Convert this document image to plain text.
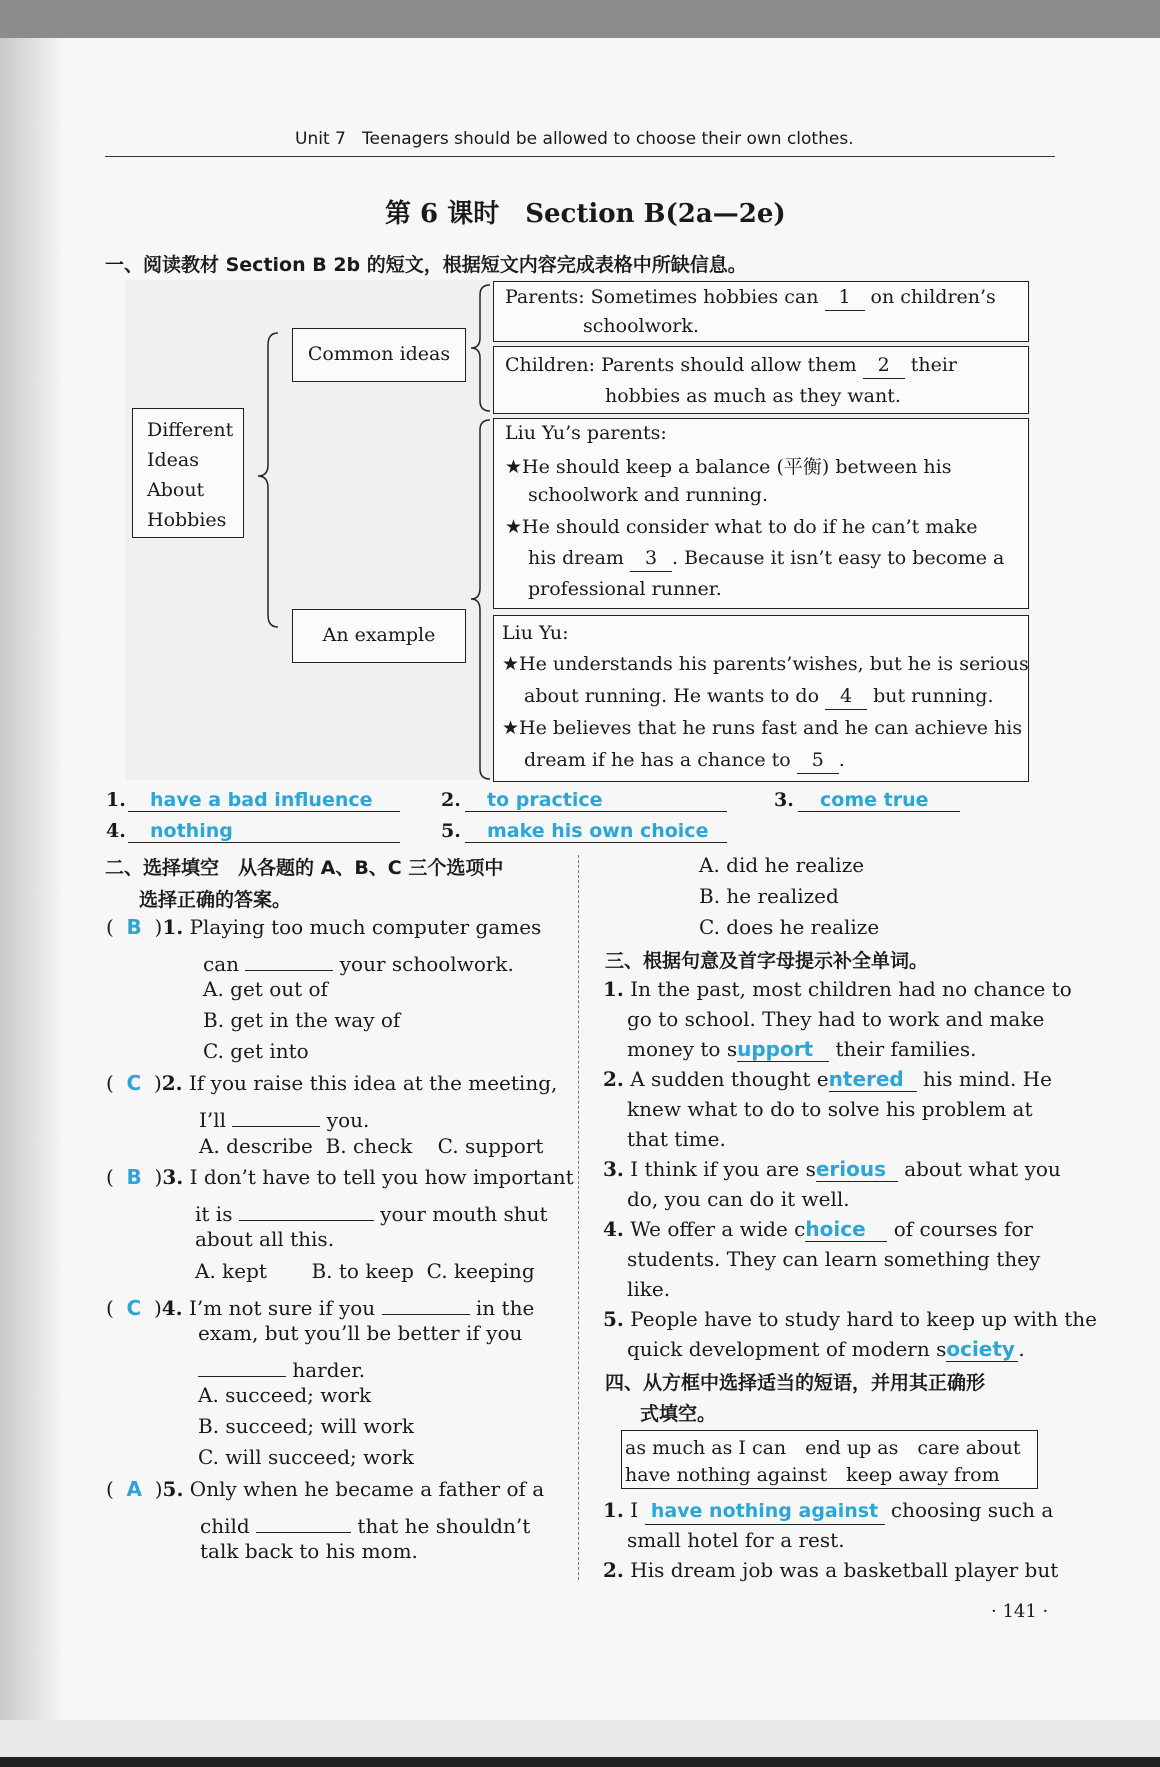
Unit 7 Teenagers should be allowed to choose their own clothes.
第 6 课时　Section B(2a—2e)
一、阅读教材 Section B 2b 的短文，根据短文内容完成表格中所缺信息。
Different
Ideas
About
Hobbies
Common ideas
An example
Parents: Sometimes hobbies can 1 on children’s
schoolwork.
Children: Parents should allow them 2 their
hobbies as much as they want.
Liu Yu’s parents:
★He should keep a balance (平衡) between his
schoolwork and running.
★He should consider what to do if he can’t make
his dream 3 . Because it isn’t easy to become a
professional runner.
Liu Yu:
★He understands his parents’wishes, but he is serious
about running. He wants to do 4 but running.
★He believes that he runs fast and he can achieve his
dream if he has a chance to 5 .
1.	have a bad influence	2.	to practice	3.	come true
4.	nothing	5.	make his own choice
二、选择填空　从各题的 A、B、C 三个选项中
选择正确的答案。
( B )1. Playing too much computer games
can	your schoolwork.
A. get out of
B. get in the way of
C. get into
( C )2. If you raise this idea at the meeting,
I’ll	you.
A. describe B. check C. support
( B )3. I don’t have to tell you how important
it is	your mouth shut
about all this.
A. kept B. to keep C. keeping
( C )4. I’m not sure if you	in the
exam, but you’ll be better if you
harder.
A. succeed; work
B. succeed; will work
C. will succeed; work
( A )5. Only when he became a father of a
child	that he shouldn’t
talk back to his mom.
A. did he realize
B. he realized
C. does he realize
三、根据句意及首字母提示补全单词。
1. In the past, most children had no chance to
go to school. They had to work and make
money to support their families.
2. A sudden thought entered his mind. He
knew what to do to solve his problem at
that time.
3. I think if you are serious about what you
do, you can do it well.
4. We offer a wide choice of courses for
students. They can learn something they
like.
5. People have to study hard to keep up with the
quick development of modern society .
四、从方框中选择适当的短语，并用其正确形
式填空。
as much as I can　end up as　care about
have nothing against　keep away from
1. I have nothing against choosing such a
small hotel for a rest.
2. His dream job was a basketball player but
· 141 ·
